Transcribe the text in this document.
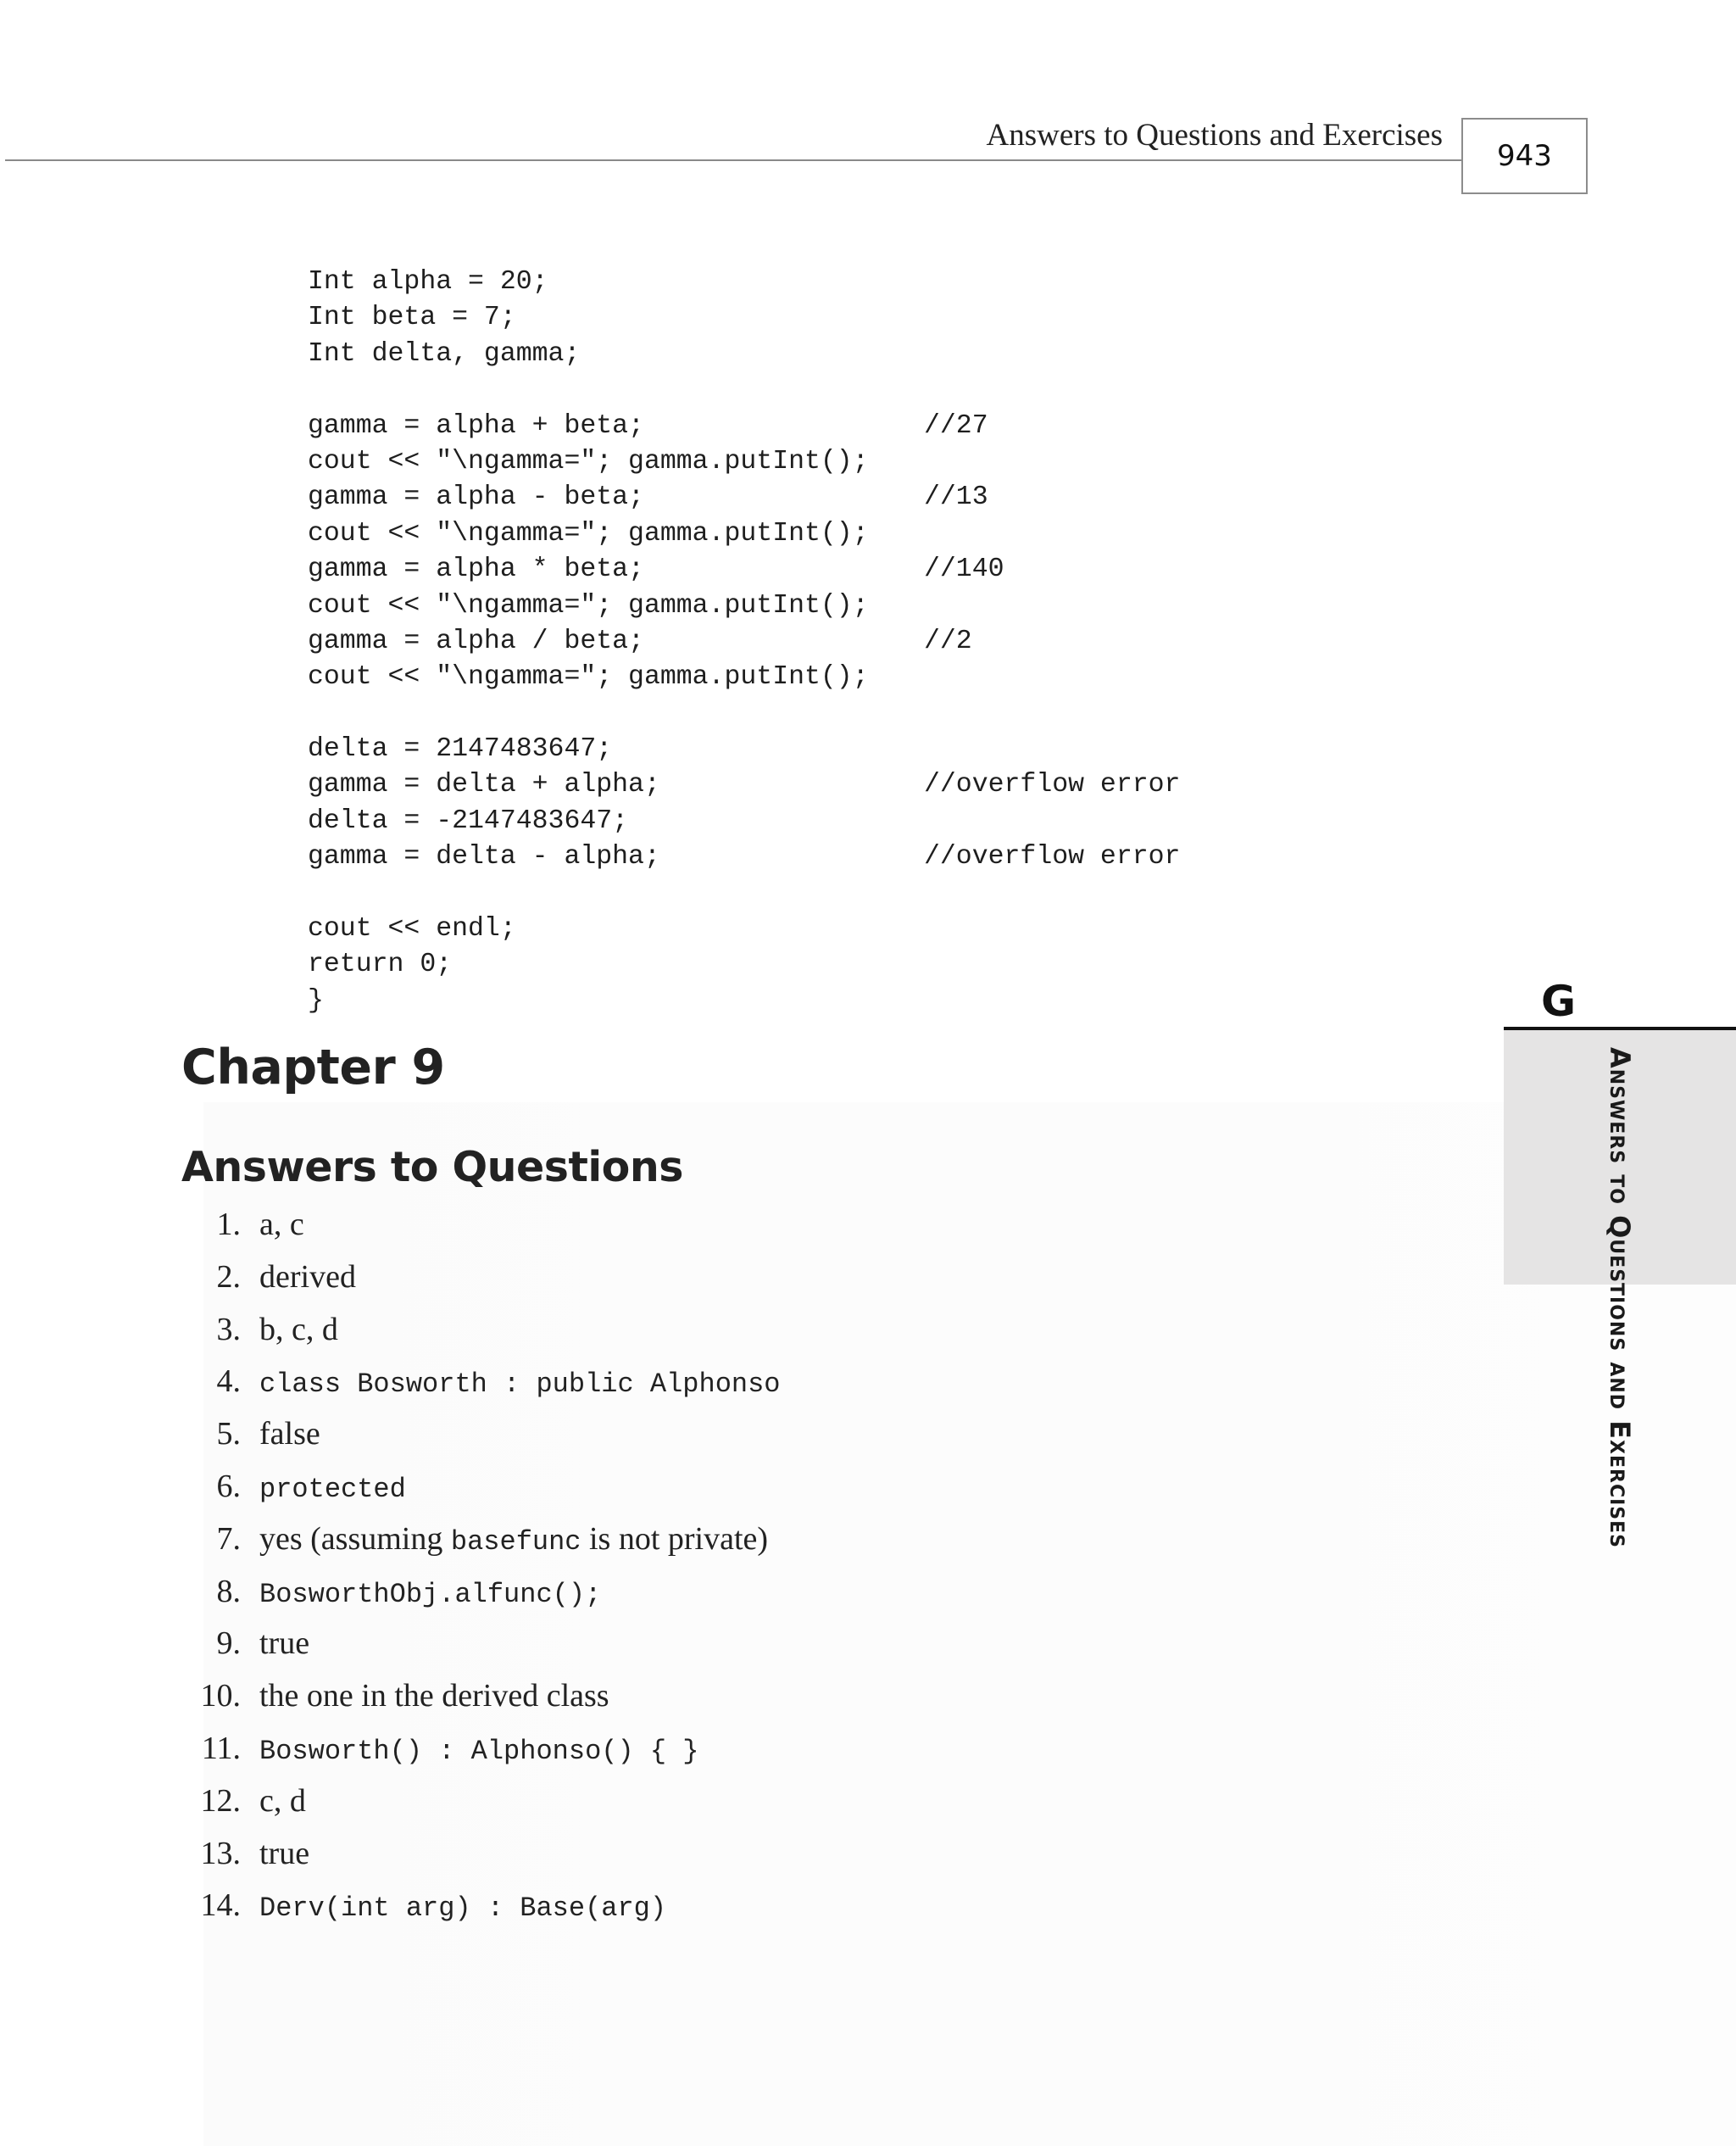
Answers to Questions and Exercises
943
Int alpha = 20;
Int beta = 7;
Int delta, gamma;
gamma = alpha + beta;	//27
cout << "\ngamma="; gamma.putInt();
gamma = alpha - beta;	//13
cout << "\ngamma="; gamma.putInt();
gamma = alpha * beta;	//140
cout << "\ngamma="; gamma.putInt();
gamma = alpha / beta;	//2
cout << "\ngamma="; gamma.putInt();
delta = 2147483647;
gamma = delta + alpha;	//overflow error
delta = -2147483647;
gamma = delta - alpha;	//overflow error
cout << endl;
return 0;
}
Chapter 9
Answers to Questions
1. a, c
2. derived
3. b, c, d
4. class Bosworth : public Alphonso
5. false
6. protected
7. yes (assuming basefunc is not private)
8. BosworthObj.alfunc();
9. true
10. the one in the derived class
11. Bosworth() : Alphonso() { }
12. c, d
13. true
14. Derv(int arg) : Base(arg)
G
Answers to Questions and Exercises
